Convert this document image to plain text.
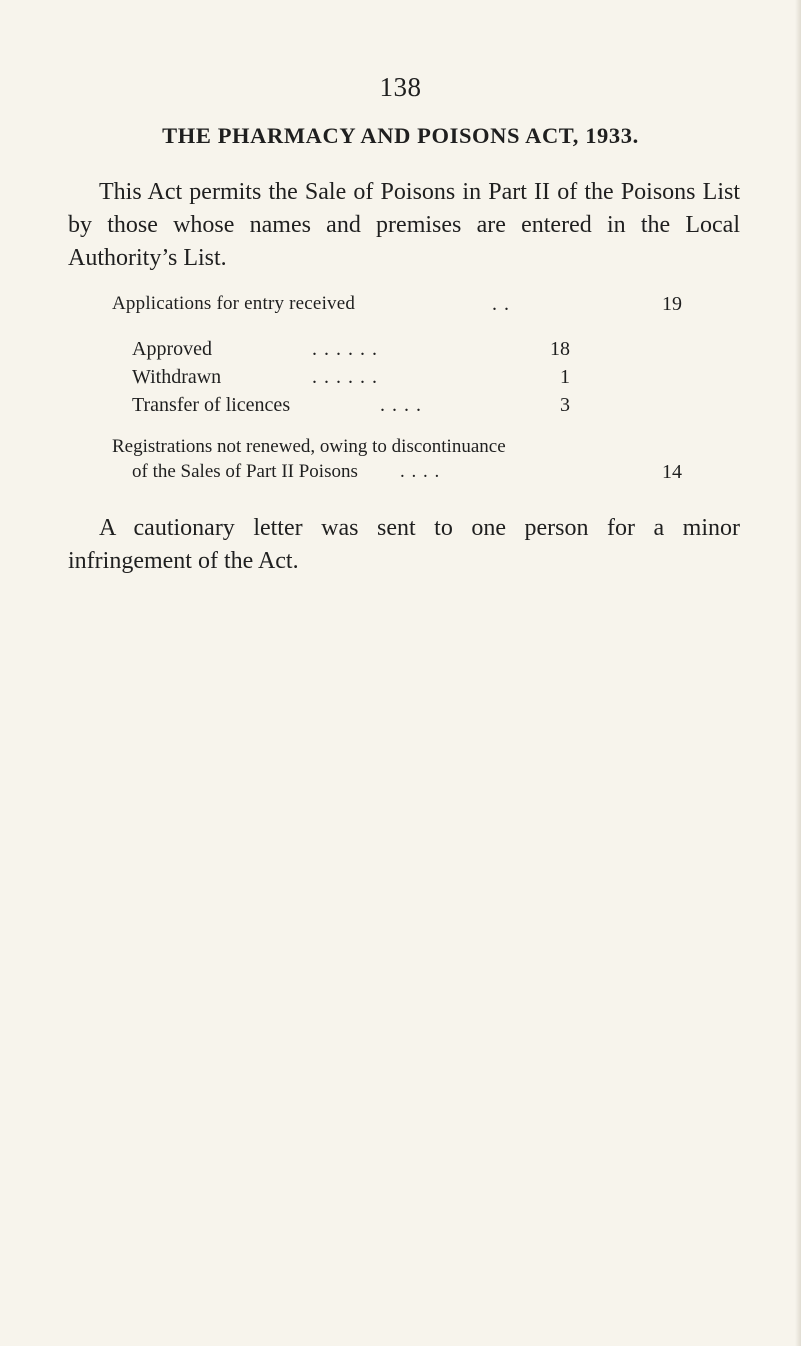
138
THE PHARMACY AND POISONS ACT, 1933.

This Act permits the Sale of Poisons in Part II of the Poisons List by those whose names and premises are entered in the Local Authority’s List.

Applications for entry received	. .	19
Approved	. . . . . .	18
Withdrawn	. . . . . .	1
Transfer of licences	. . . .	3
Registrations not renewed, owing to discontinuance
of the Sales of Part II Poisons . . . .	14

A cautionary letter was sent to one person for a minor infringement of the Act.
